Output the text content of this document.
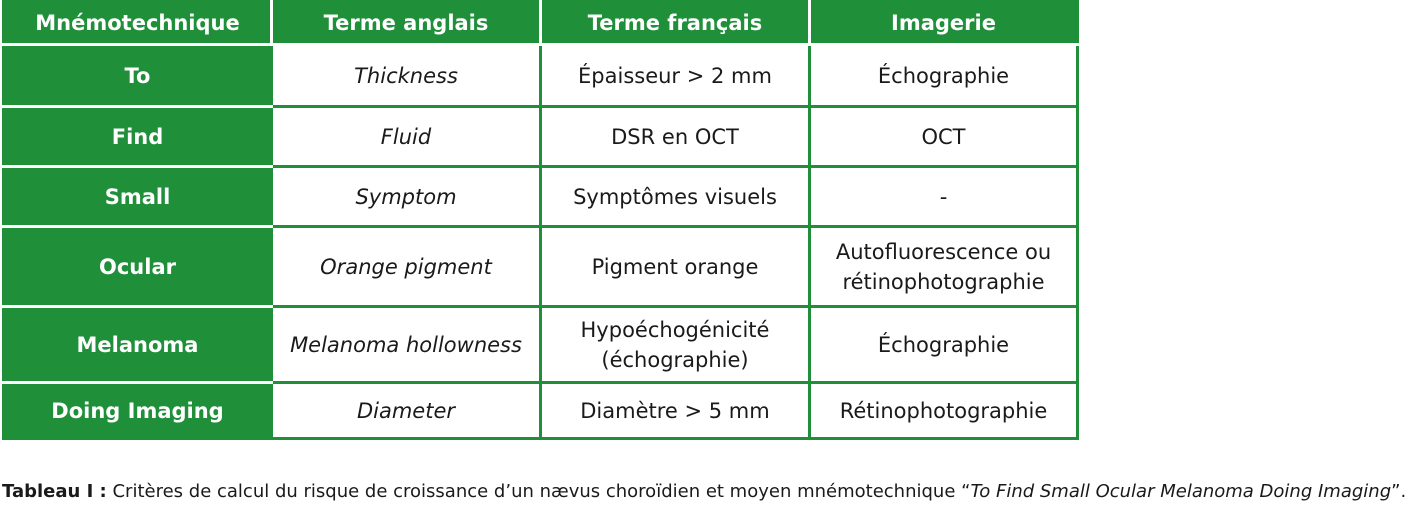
Mnémotechnique	Terme anglais	Terme français	Imagerie
To	Thickness	Épaisseur > 2 mm	Échographie
Find	Fluid	DSR en OCT	OCT
Small	Symptom	Symptômes visuels	-
Ocular	Orange pigment	Pigment orange	Autofluorescence ou rétinophotographie
Melanoma	Melanoma hollowness	Hypoéchogénicité (échographie)	Échographie
Doing Imaging	Diameter	Diamètre > 5 mm	Rétinophotographie
Tableau I : Critères de calcul du risque de croissance d’un nævus choroïdien et moyen mnémotechnique “To Find Small Ocular Melanoma Doing Imaging”.
